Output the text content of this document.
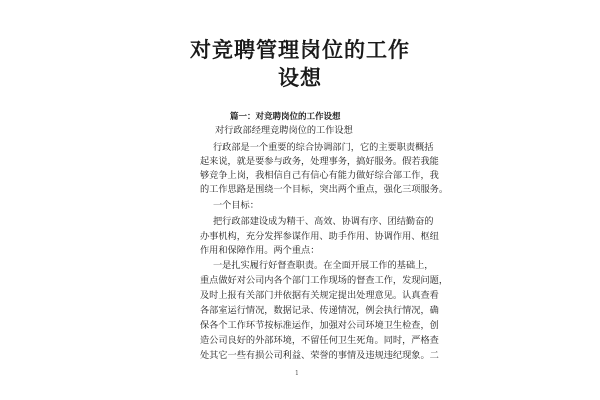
对竞聘管理岗位的工作设想
篇一：对竞聘岗位的工作设想
对行政部经理竞聘岗位的工作设想
行政部是一个重要的综合协调部门，它的主要职责概括
起来说，就是要参与政务，处理事务，搞好服务。假若我能
够竞争上岗，我相信自己有信心有能力做好综合部工作，我
的工作思路是围绕一个目标，突出两个重点，强化三项服务。
一个目标：
把行政部建设成为精干、高效、协调有序、团结勤奋的
办事机构，充分发挥参谋作用、助手作用、协调作用、枢纽
作用和保障作用。两个重点：
一是扎实履行好督查职责。在全面开展工作的基础上，
重点做好对公司内各个部门工作现场的督查工作，发现问题，
及时上报有关部门并依据有关规定提出处理意见。认真查看
各部室运行情况，数据记录、传递情况，例会执行情况，确
保各个工作环节按标准运作，加强对公司环境卫生检查，创
造公司良好的外部环境，不留任何卫生死角。同时，严格查
处其它一些有损公司利益、荣誉的事情及违规违纪现象。二
1
